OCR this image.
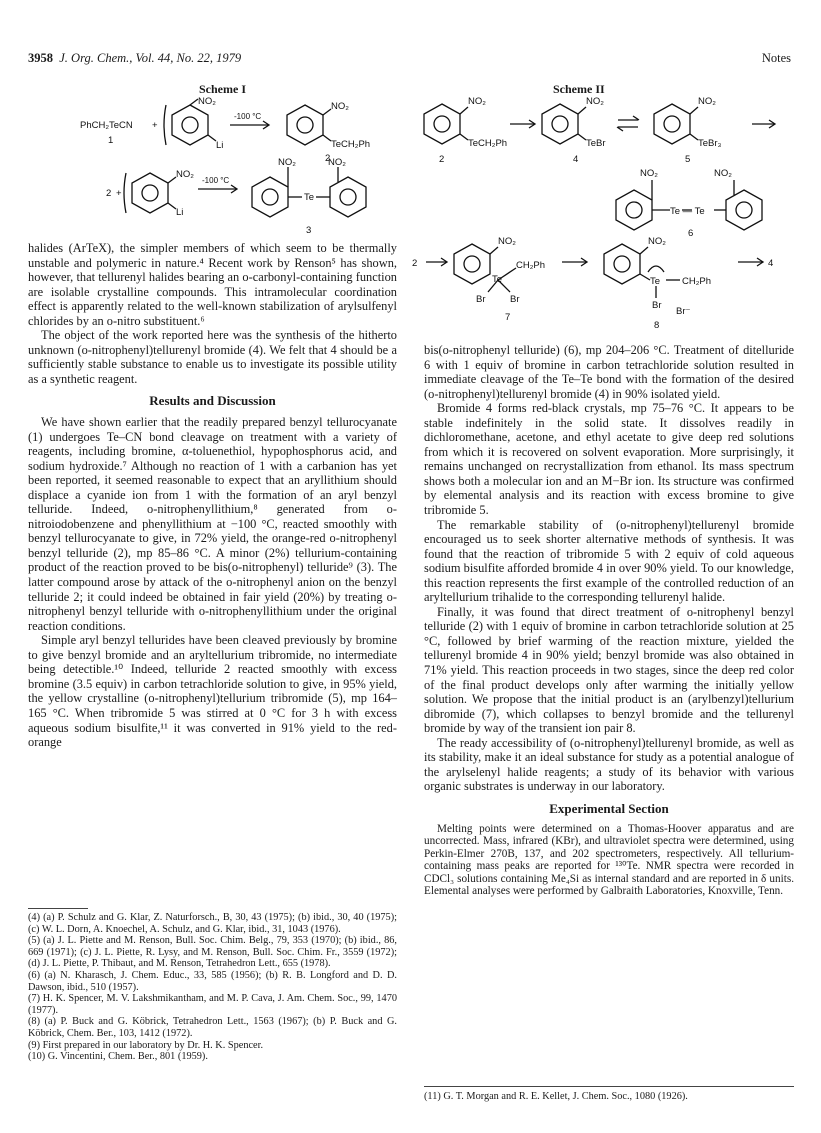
3958 J. Org. Chem., Vol. 44, No. 22, 1979	Notes
Scheme I
PhCH₂TeCN +
1
NO₂
Li
-100 °C
NO₂
TeCH₂Ph
2
2 +
NO₂
Li
-100 °C
NO₂
Te
NO₂
3

halides (ArTeX), the simpler members of which seem to be thermally unstable and polymeric in nature.⁴ Recent work by Renson⁵ has shown, however, that tellurenyl halides bearing an o-carbonyl-containing function are isolable crystalline compounds. This intramolecular coordination effect is apparently related to the well-known stabilization of arylsulfenyl chlorides by an o-nitro substituent.⁶

The object of the work reported here was the synthesis of the hitherto unknown (o-nitrophenyl)tellurenyl bromide (4). We felt that 4 should be a sufficiently stable substance to enable us to investigate its possible utility as a synthetic reagent.

Results and Discussion

We have shown earlier that the readily prepared benzyl tellurocyanate (1) undergoes Te–CN bond cleavage on treatment with a variety of reagents, including bromine, α-toluenethiol, hypophosphorus acid, and sodium hydroxide.⁷ Although no reaction of 1 with a carbanion has yet been reported, it seemed reasonable to expect that an aryllithium should displace a cyanide ion from 1 with the formation of an aryl benzyl telluride. Indeed, o-nitrophenyllithium,⁸ generated from o-nitroiodobenzene and phenyllithium at −100 °C, reacted smoothly with benzyl tellurocyanate to give, in 72% yield, the orange-red o-nitrophenyl benzyl telluride (2), mp 85–86 °C. A minor (2%) tellurium-containing product of the reaction proved to be bis(o-nitrophenyl) telluride⁹ (3). The latter compound arose by attack of the o-nitrophenyl anion on the benzyl telluride 2; it could indeed be obtained in fair yield (20%) by treating o-nitrophenyl benzyl telluride with o-nitrophenyllithium under the original reaction conditions.

Simple aryl benzyl tellurides have been cleaved previously by bromine to give benzyl bromide and an aryltellurium tribromide, no intermediate being detectible.¹⁰ Indeed, telluride 2 reacted smoothly with excess bromine (3.5 equiv) in carbon tetrachloride solution to give, in 95% yield, the yellow crystalline (o-nitrophenyl)tellurium tribromide (5), mp 164–165 °C. When tribromide 5 was stirred at 0 °C for 3 h with excess aqueous sodium bisulfite,¹¹ it was converted in 91% yield to the red-orange

(4) (a) P. Schulz and G. Klar, Z. Naturforsch., B, 30, 43 (1975); (b) ibid., 30, 40 (1975); (c) W. L. Dorn, A. Knoechel, A. Schulz, and G. Klar, ibid., 31, 1043 (1976).

(5) (a) J. L. Piette and M. Renson, Bull. Soc. Chim. Belg., 79, 353 (1970); (b) ibid., 86, 669 (1971); (c) J. L. Piette, R. Lysy, and M. Renson, Bull. Soc. Chim. Fr., 3559 (1972); (d) J. L. Piette, P. Thibaut, and M. Renson, Tetrahedron Lett., 655 (1978).

(6) (a) N. Kharasch, J. Chem. Educ., 33, 585 (1956); (b) R. B. Longford and D. D. Dawson, ibid., 510 (1957).

(7) H. K. Spencer, M. V. Lakshmikantham, and M. P. Cava, J. Am. Chem. Soc., 99, 1470 (1977).

(8) (a) P. Buck and G. Köbrick, Tetrahedron Lett., 1563 (1967); (b) P. Buck and G. Köbrick, Chem. Ber., 103, 1412 (1972).

(9) First prepared in our laboratory by Dr. H. K. Spencer.

(10) G. Vincentini, Chem. Ber., 801 (1959).

Scheme II
NO₂
TeCH₂Ph
2
NO₂
TeBr
4
NO₂
TeBr₃
5
NO₂	NO₂
Te — Te
6
2
NO₂
Te
CH₂Ph
Br	Br
7
NO₂
Te CH₂Ph
Br
Br⁻
8
4

bis(o-nitrophenyl telluride) (6), mp 204–206 °C. Treatment of ditelluride 6 with 1 equiv of bromine in carbon tetrachloride solution resulted in immediate cleavage of the Te–Te bond with the formation of the desired (o-nitrophenyl)tellurenyl bromide (4) in 90% isolated yield.

Bromide 4 forms red-black crystals, mp 75–76 °C. It appears to be stable indefinitely in the solid state. It dissolves readily in dichloromethane, acetone, and ethyl acetate to give deep red solutions from which it is recovered on solvent evaporation. More surprisingly, it remains unchanged on recrystallization from ethanol. Its mass spectrum shows both a molecular ion and an M−Br ion. Its structure was confirmed by elemental analysis and its reaction with excess bromine to give tribromide 5.

The remarkable stability of (o-nitrophenyl)tellurenyl bromide encouraged us to seek shorter alternative methods of synthesis. It was found that the reaction of tribromide 5 with 2 equiv of cold aqueous sodium bisulfite afforded bromide 4 in over 90% yield. To our knowledge, this reaction represents the first example of the controlled reduction of an aryltellurium trihalide to the corresponding tellurenyl halide.

Finally, it was found that direct treatment of o-nitrophenyl benzyl telluride (2) with 1 equiv of bromine in carbon tetrachloride solution at 25 °C, followed by brief warming of the reaction mixture, yielded the tellurenyl bromide 4 in 90% yield; benzyl bromide was also obtained in 71% yield. This reaction proceeds in two stages, since the deep red color of the final product develops only after warming the initially yellow solution. We propose that the initial product is an (arylbenzyl)tellurium dibromide (7), which collapses to benzyl bromide and the tellurenyl bromide by way of the transient ion pair 8.

The ready accessibility of (o-nitrophenyl)tellurenyl bromide, as well as its stability, make it an ideal substance for study as a potential analogue of the arylselenyl halide reagents; a study of its behavior with various organic substrates is underway in our laboratory.

Experimental Section

Melting points were determined on a Thomas-Hoover apparatus and are uncorrected. Mass, infrared (KBr), and ultraviolet spectra were determined, using Perkin-Elmer 270B, 137, and 202 spectrometers, respectively. All tellurium-containing mass peaks are reported for ¹³⁰Te. NMR spectra were recorded in CDCl₃ solutions containing Me₄Si as internal standard and are reported in δ units. Elemental analyses were performed by Galbraith Laboratories, Knoxville, Tenn.

(11) G. T. Morgan and R. E. Kellet, J. Chem. Soc., 1080 (1926).
